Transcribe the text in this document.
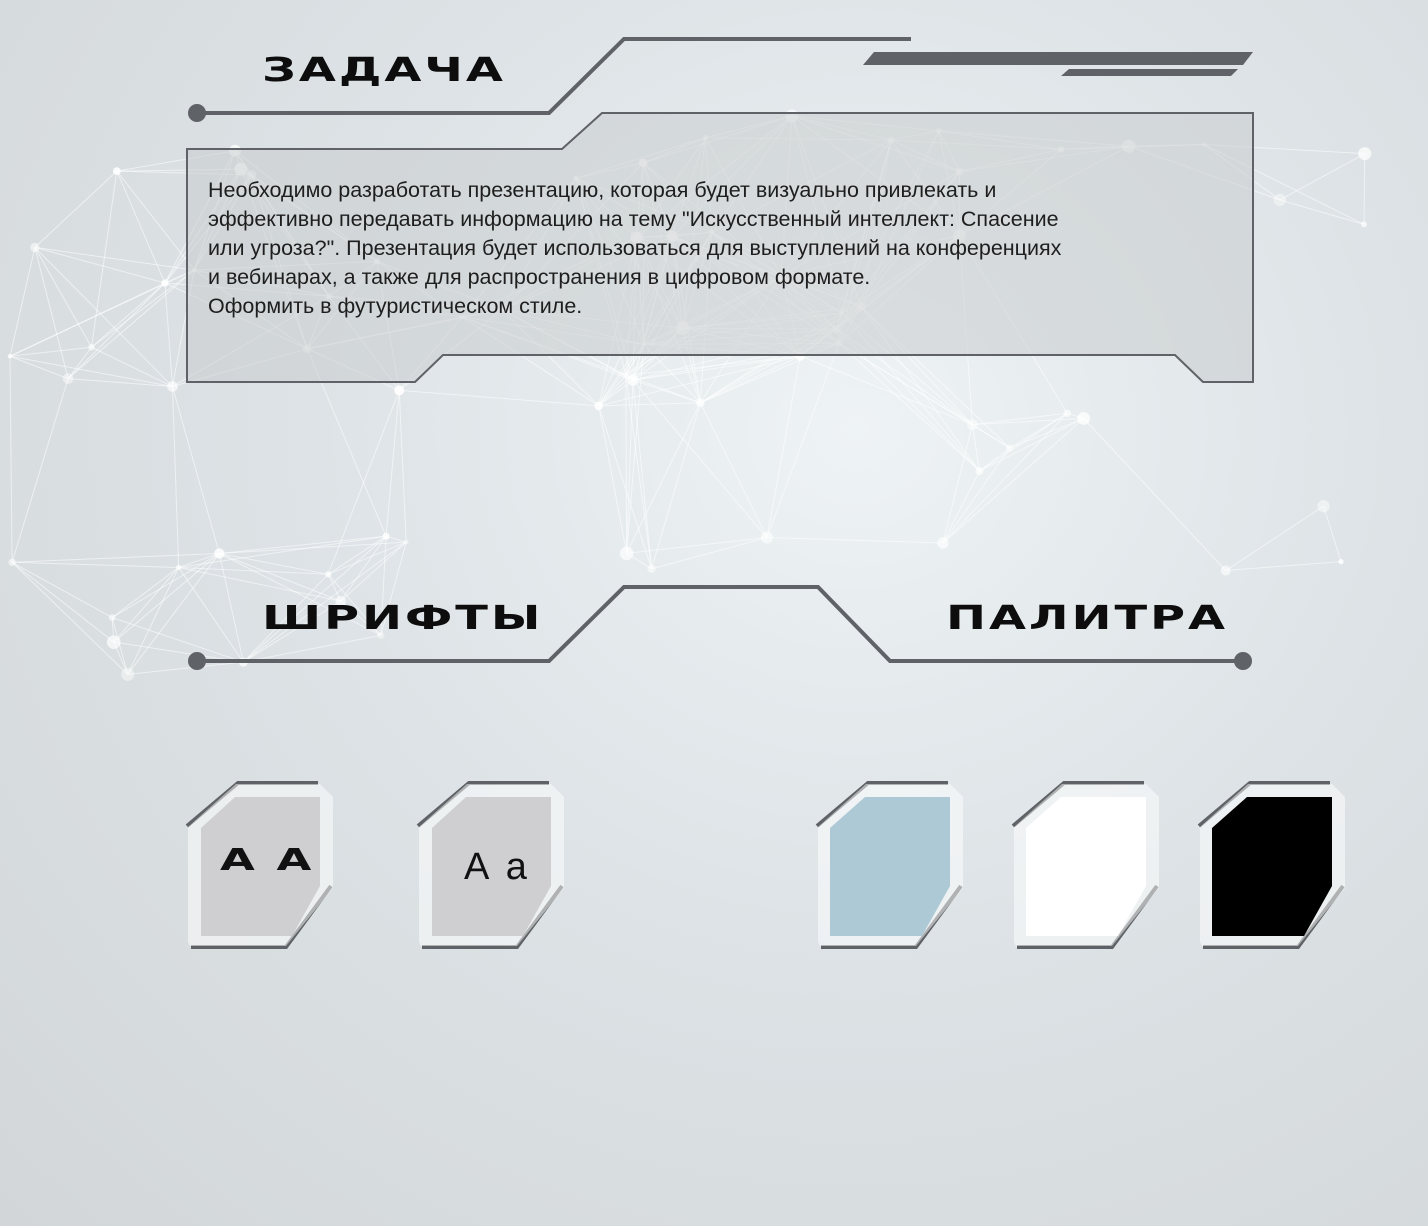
ЗАДАЧА

Необходимо разработать презентацию, которая будет визуально привлекать и
эффективно передавать информацию на тему "Искусственный интеллект: Спасение
или угроза?". Презентация будет использоваться для выступлений на конференциях
и вебинарах, а также для распространения в цифровом формате.
Оформить в футуристическом стиле.

ШРИФТЫ	ПАЛИТРА
A A	A a
